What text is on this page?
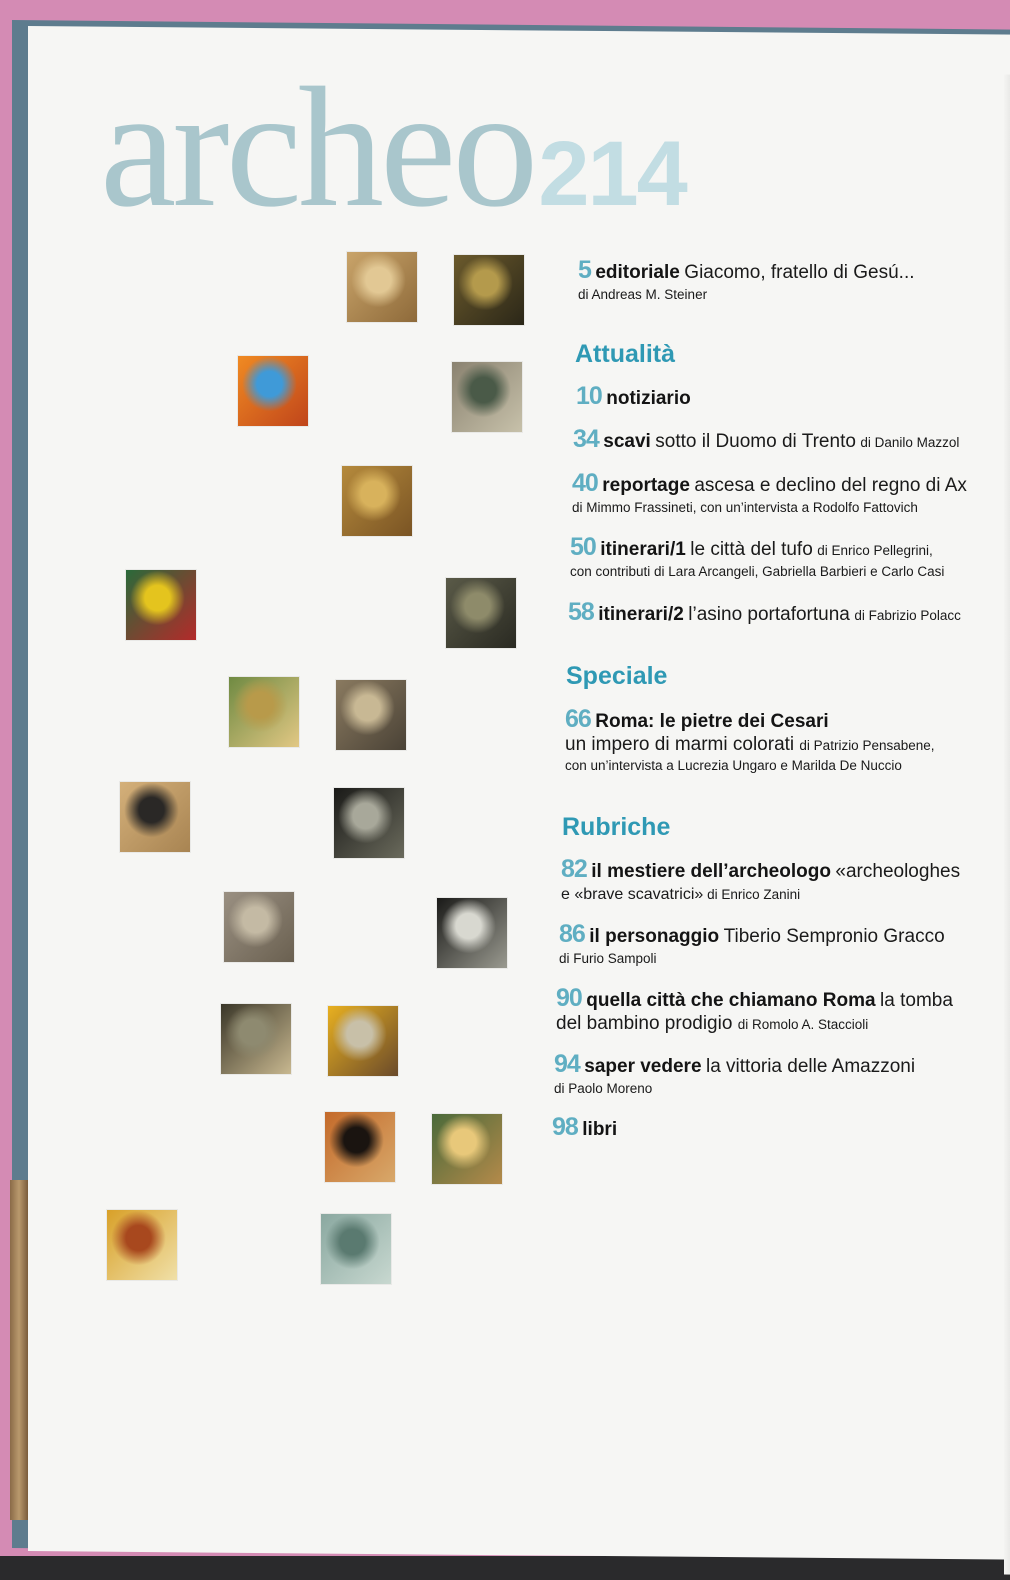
archeo214
5 editoriale Giacomo, fratello di Gesú...
di Andreas M. Steiner
Attualità
10 notiziario
34 scavi sotto il Duomo di Trento di Danilo Mazzol
40 reportage ascesa e declino del regno di Ax
di Mimmo Frassineti, con un’intervista a Rodolfo Fattovich
50 itinerari/1 le città del tufo di Enrico Pellegrini,
con contributi di Lara Arcangeli, Gabriella Barbieri e Carlo Casi
58 itinerari/2 l’asino portafortuna di Fabrizio Polacc
Speciale
66 Roma: le pietre dei Cesari
un impero di marmi colorati di Patrizio Pensabene,
con un’intervista a Lucrezia Ungaro e Marilda De Nuccio
Rubriche
82 il mestiere dell’archeologo «archeologhes
e «brave scavatrici» di Enrico Zanini
86 il personaggio Tiberio Sempronio Gracco
di Furio Sampoli
90 quella città che chiamano Roma la tomba
del bambino prodigio di Romolo A. Staccioli
94 saper vedere la vittoria delle Amazzoni
di Paolo Moreno
98 libri
